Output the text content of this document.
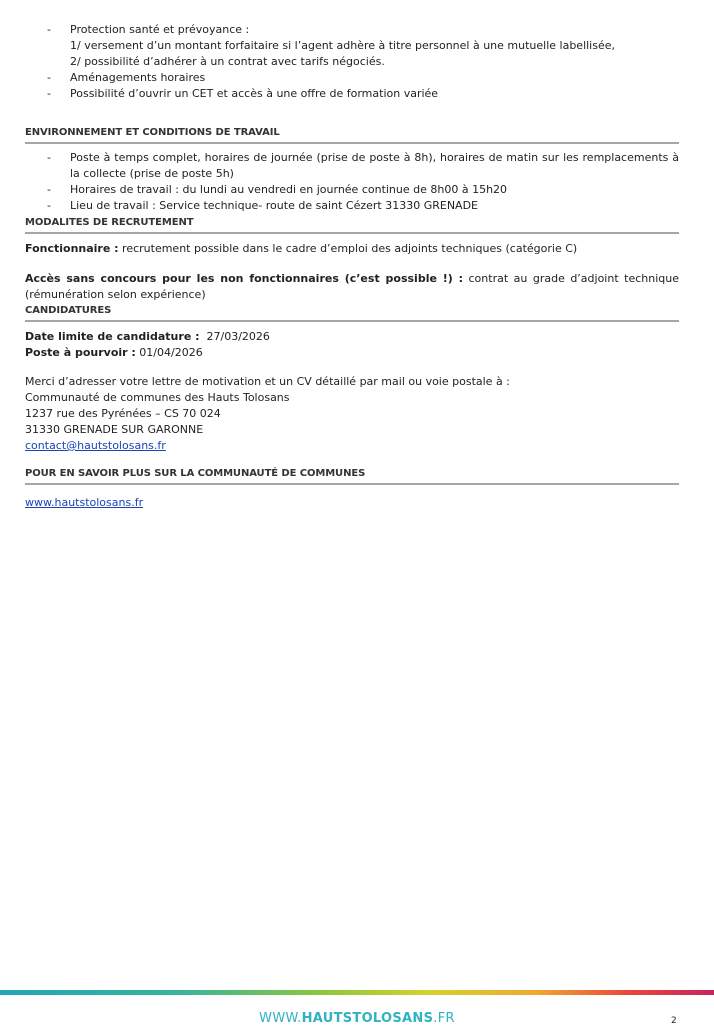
- Protection santé et prévoyance :
1/ versement d’un montant forfaitaire si l’agent adhère à titre personnel à une mutuelle labellisée,
2/ possibilité d’adhérer à un contrat avec tarifs négociés.
- Aménagements horaires
- Possibilité d’ouvrir un CET et accès à une offre de formation variée
ENVIRONNEMENT ET CONDITIONS DE TRAVAIL
- Poste à temps complet, horaires de journée (prise de poste à 8h), horaires de matin sur les remplacements à la collecte (prise de poste 5h)
- Horaires de travail : du lundi au vendredi en journée continue de 8h00 à 15h20
- Lieu de travail : Service technique- route de saint Cézert 31330 GRENADE
MODALITES DE RECRUTEMENT

Fonctionnaire : recrutement possible dans le cadre d’emploi des adjoints techniques (catégorie C)

Accès sans concours pour les non fonctionnaires (c’est possible !) : contrat au grade d’adjoint technique (rémunération selon expérience)

CANDIDATURES
Date limite de candidature :  27/03/2026
Poste à pourvoir : 01/04/2026
Merci d’adresser votre lettre de motivation et un CV détaillé par mail ou voie postale à :
Communauté de communes des Hauts Tolosans
1237 rue des Pyrénées – CS 70 024
31330 GRENADE SUR GARONNE
contact@hautstolosans.fr
POUR EN SAVOIR PLUS SUR LA COMMUNAUTÉ DE COMMUNES
www.hautstolosans.fr
WWW.HAUTSTOLOSANS.FR	2
